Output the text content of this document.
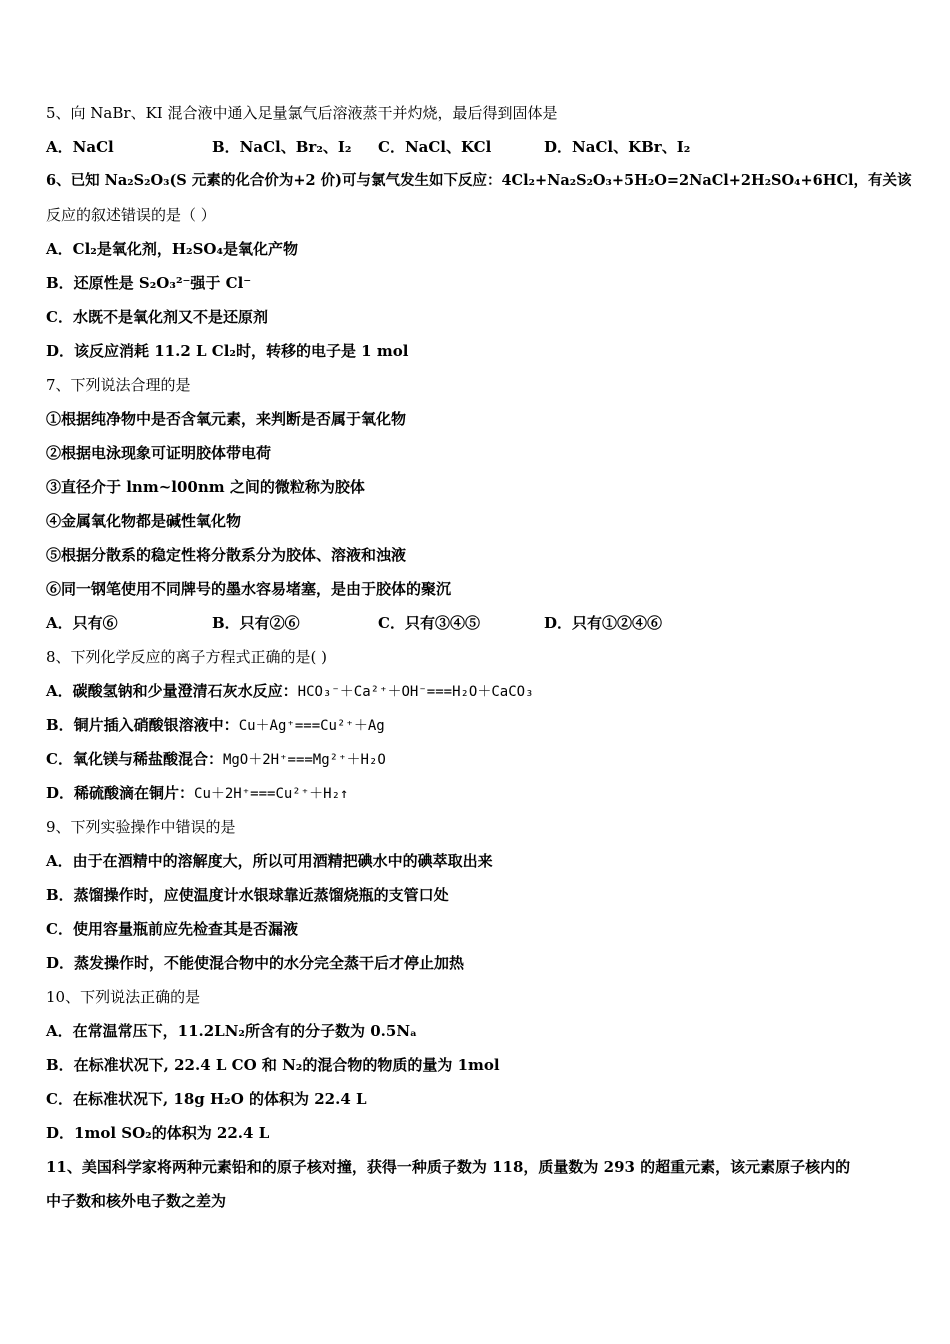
5、向 NaBr、KI 混合液中通入足量氯气后溶液蒸干并灼烧，最后得到固体是
A．NaCl	B．NaCl、Br₂、I₂	C．NaCl、KCl	D．NaCl、KBr、I₂
6、已知 Na₂S₂O₃(S 元素的化合价为+2 价)可与氯气发生如下反应：4Cl₂+Na₂S₂O₃+5H₂O=2NaCl+2H₂SO₄+6HCl，有关该
反应的叙述错误的是（ ）
A．Cl₂是氧化剂，H₂SO₄是氧化产物
B．还原性是 S₂O₃²⁻强于 Cl⁻
C．水既不是氧化剂又不是还原剂
D．该反应消耗 11.2 L Cl₂时，转移的电子是 1 mol
7、下列说法合理的是
①根据纯净物中是否含氧元素，来判断是否属于氧化物
②根据电泳现象可证明胶体带电荷
③直径介于 lnm~l00nm 之间的微粒称为胶体
④金属氧化物都是碱性氧化物
⑤根据分散系的稳定性将分散系分为胶体、溶液和浊液
⑥同一钢笔使用不同牌号的墨水容易堵塞，是由于胶体的聚沉
A．只有⑥	B．只有②⑥	C．只有③④⑤	D．只有①②④⑥
8、下列化学反应的离子方程式正确的是( )
A．碳酸氢钠和少量澄清石灰水反应：HCO₃⁻＋Ca²⁺＋OH⁻===H₂O＋CaCO₃
B．铜片插入硝酸银溶液中：Cu＋Ag⁺===Cu²⁺＋Ag
C．氧化镁与稀盐酸混合：MgO＋2H⁺===Mg²⁺＋H₂O
D．稀硫酸滴在铜片：Cu＋2H⁺===Cu²⁺＋H₂↑
9、下列实验操作中错误的是
A．由于在酒精中的溶解度大，所以可用酒精把碘水中的碘萃取出来
B．蒸馏操作时，应使温度计水银球靠近蒸馏烧瓶的支管口处
C．使用容量瓶前应先检查其是否漏液
D．蒸发操作时，不能使混合物中的水分完全蒸干后才停止加热
10、下列说法正确的是
A．在常温常压下，11.2LN₂所含有的分子数为 0.5Nₐ
B．在标准状况下, 22.4 L CO 和 N₂的混合物的物质的量为 1mol
C．在标准状况下, 18g H₂O 的体积为 22.4 L
D．1mol SO₂的体积为 22.4 L
11、美国科学家将两种元素铅和的原子核对撞，获得一种质子数为 118，质量数为 293 的超重元素，该元素原子核内的
中子数和核外电子数之差为
